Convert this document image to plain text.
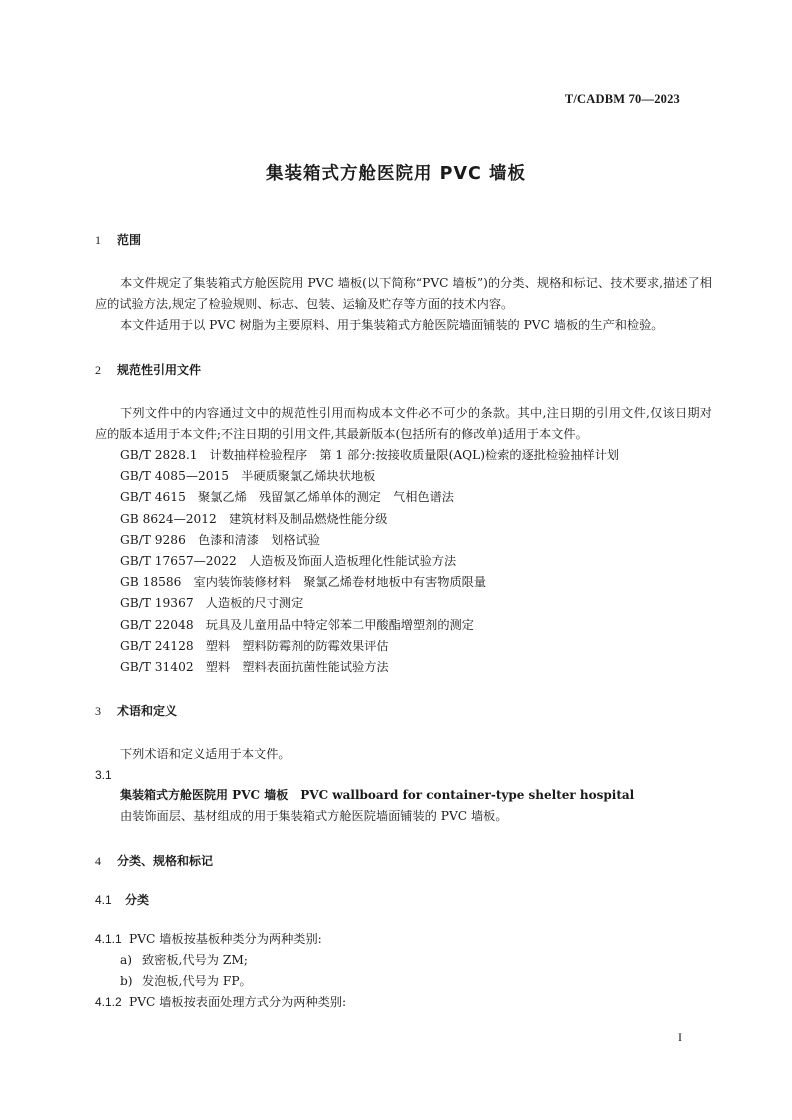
T/CADBM 70—2023
集装箱式方舱医院用 PVC 墙板
1 范围

本文件规定了集装箱式方舱医院用 PVC 墙板(以下简称“PVC 墙板”)的分类、规格和标记、技术要求,描述了相应的试验方法,规定了检验规则、标志、包装、运输及贮存等方面的技术内容。

本文件适用于以 PVC 树脂为主要原料、用于集装箱式方舱医院墙面铺装的 PVC 墙板的生产和检验。

2 规范性引用文件

下列文件中的内容通过文中的规范性引用而构成本文件必不可少的条款。其中,注日期的引用文件,仅该日期对应的版本适用于本文件;不注日期的引用文件,其最新版本(包括所有的修改单)适用于本文件。

GB/T 2828.1　计数抽样检验程序　第 1 部分:按接收质量限(AQL)检索的逐批检验抽样计划
GB/T 4085—2015　半硬质聚氯乙烯块状地板
GB/T 4615　聚氯乙烯　残留氯乙烯单体的测定　气相色谱法
GB 8624—2012　建筑材料及制品燃烧性能分级
GB/T 9286　色漆和清漆　划格试验
GB/T 17657—2022　人造板及饰面人造板理化性能试验方法
GB 18586　室内装饰装修材料　聚氯乙烯卷材地板中有害物质限量
GB/T 19367　人造板的尺寸测定
GB/T 22048　玩具及儿童用品中特定邻苯二甲酸酯增塑剂的测定
GB/T 24128　塑料　塑料防霉剂的防霉效果评估
GB/T 31402　塑料　塑料表面抗菌性能试验方法
3 术语和定义

下列术语和定义适用于本文件。

3.1
集装箱式方舱医院用 PVC 墙板　PVC wallboard for container-type shelter hospital

由装饰面层、基材组成的用于集装箱式方舱医院墙面铺装的 PVC 墙板。

4 分类、规格和标记
4.1 分类
4.1.1 PVC 墙板按基板种类分为两种类别:
a) 致密板,代号为 ZM;
b) 发泡板,代号为 FP。
4.1.2 PVC 墙板按表面处理方式分为两种类别:
I
